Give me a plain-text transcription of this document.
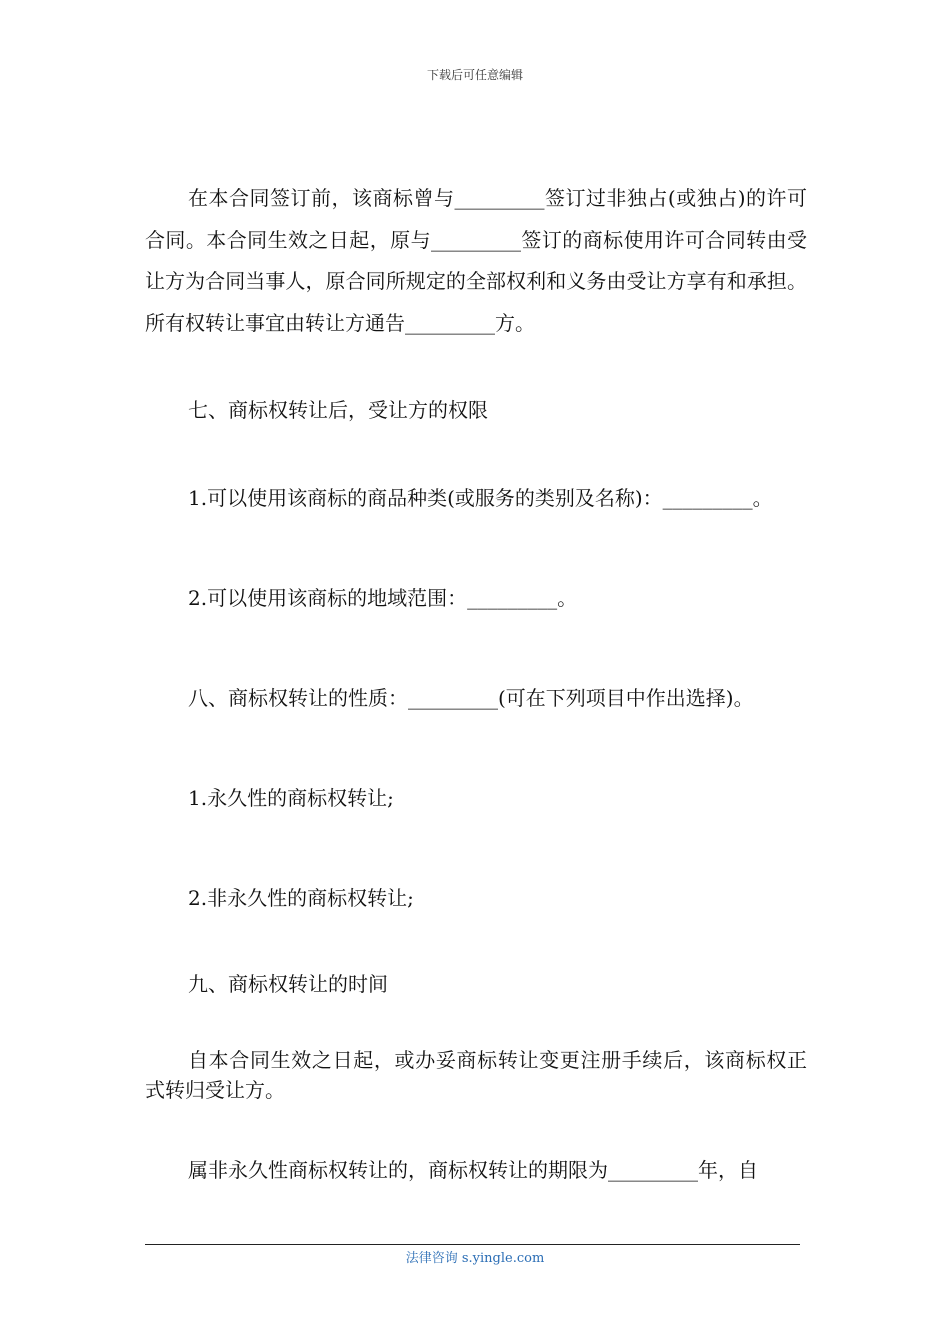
下载后可任意编辑

在本合同签订前，该商标曾与_________签订过非独占(或独占)的许可合同。本合同生效之日起，原与_________签订的商标使用许可合同转由受让方为合同当事人，原合同所规定的全部权利和义务由受让方享有和承担。所有权转让事宜由转让方通告_________方。

七、商标权转让后，受让方的权限
1.可以使用该商标的商品种类(或服务的类别及名称)：_________。
2.可以使用该商标的地域范围：_________。
八、商标权转让的性质：_________(可在下列项目中作出选择)。
1.永久性的商标权转让;
2.非永久性的商标权转让;
九、商标权转让的时间

自本合同生效之日起，或办妥商标转让变更注册手续后，该商标权正式转归受让方。

属非永久性商标权转让的，商标权转让的期限为_________年，自
法律咨询 s.yingle.com
